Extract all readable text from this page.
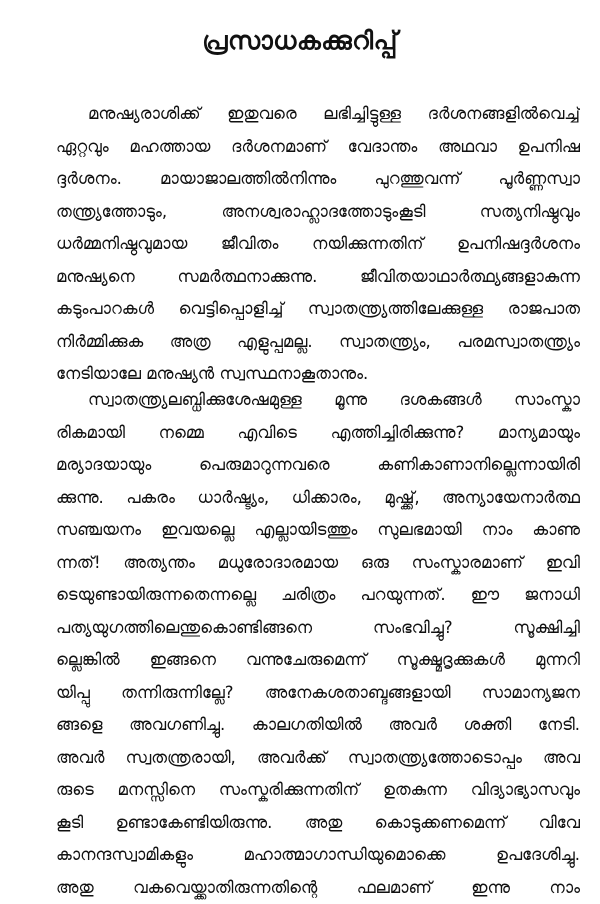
പ്രസാധകക്കുറിപ്പ്
മനുഷ്യരാശിക്ക് ഇതുവരെ ലഭിച്ചിട്ടുള്ള ദർശനങ്ങളിൽവെച്ച്
ഏറ്റവും മഹത്തായ ദർശനമാണ് വേദാന്തം അഥവാ ഉപനിഷ
ദ്ദർശനം. മായാജാലത്തിൽനിന്നും പുറത്തുവന്ന് പൂർണ്ണസ്വാ
തന്ത്ര്യത്തോടും, അനശ്വരാഹ്ലാദത്തോടുംകൂടി സത്യനിഷ്ഠവും
ധർമ്മനിഷ്ഠവുമായ ജീവിതം നയിക്കുന്നതിന് ഉപനിഷദ്ദർശനം
മനുഷ്യനെ സമർത്ഥനാക്കുന്നു. ജീവിതയാഥാർത്ഥ്യങ്ങളാകുന്ന
കടുംപാറകൾ വെട്ടിപ്പൊളിച്ച് സ്വാതന്ത്ര്യത്തിലേക്കുള്ള രാജപാത
നിർമ്മിക്കുക അത്ര എളുപ്പമല്ല. സ്വാതന്ത്ര്യം, പരമസ്വാതന്ത്ര്യം
നേടിയാലേ മനുഷ്യൻ സ്വസ്ഥനാകൂതാനും.
സ്വാതന്ത്ര്യലബ്ധിക്കുശേഷമുള്ള മൂന്നു ദശകങ്ങൾ സാംസ്കാ
രികമായി നമ്മെ എവിടെ എത്തിച്ചിരിക്കുന്നു? മാന്യമായും
മര്യാദയായും പെരുമാറുന്നവരെ കണികാണാനില്ലെന്നായിരി
ക്കുന്നു. പകരം ധാർഷ്ട്യം, ധിക്കാരം, മുഷ്ക്ക്, അന്യായേനാർത്ഥ
സഞ്ചയനം ഇവയല്ലെ എല്ലായിടത്തും സുലഭമായി നാം കാണു
ന്നത്! അത്യന്തം മധുരോദാരമായ ഒരു സംസ്കാരമാണ് ഇവി
ടെയുണ്ടായിരുന്നതെന്നല്ലെ ചരിത്രം പറയുന്നത്. ഈ ജനാധി
പത്യയുഗത്തിലെന്തുകൊണ്ടിങ്ങനെ സംഭവിച്ചു? സൂക്ഷിച്ചി
ല്ലെങ്കിൽ ഇങ്ങനെ വന്നുചേരുമെന്ന് സൂക്ഷ്മദൃക്കുകൾ മുന്നറി
യിപ്പു തന്നിരുന്നില്ലേ? അനേകശതാബ്ദങ്ങളായി സാമാന്യജന
ങ്ങളെ അവഗണിച്ചു. കാലഗതിയിൽ അവർ ശക്തി നേടി.
അവർ സ്വതന്ത്രരായി, അവർക്ക് സ്വാതന്ത്ര്യത്തോടൊപ്പം അവ
രുടെ മനസ്സിനെ സംസ്കരിക്കുന്നതിന് ഉതകുന്ന വിദ്യാഭ്യാസവും
കൂടി ഉണ്ടാകേണ്ടിയിരുന്നു. അതു കൊടുക്കണമെന്ന് വിവേ
കാനന്ദസ്വാമികളും മഹാത്മാഗാന്ധിയുമൊക്കെ ഉപദേശിച്ചു.
അതു വകവെയ്ക്കാതിരുന്നതിന്റെ ഫലമാണ് ഇന്നു നാം
